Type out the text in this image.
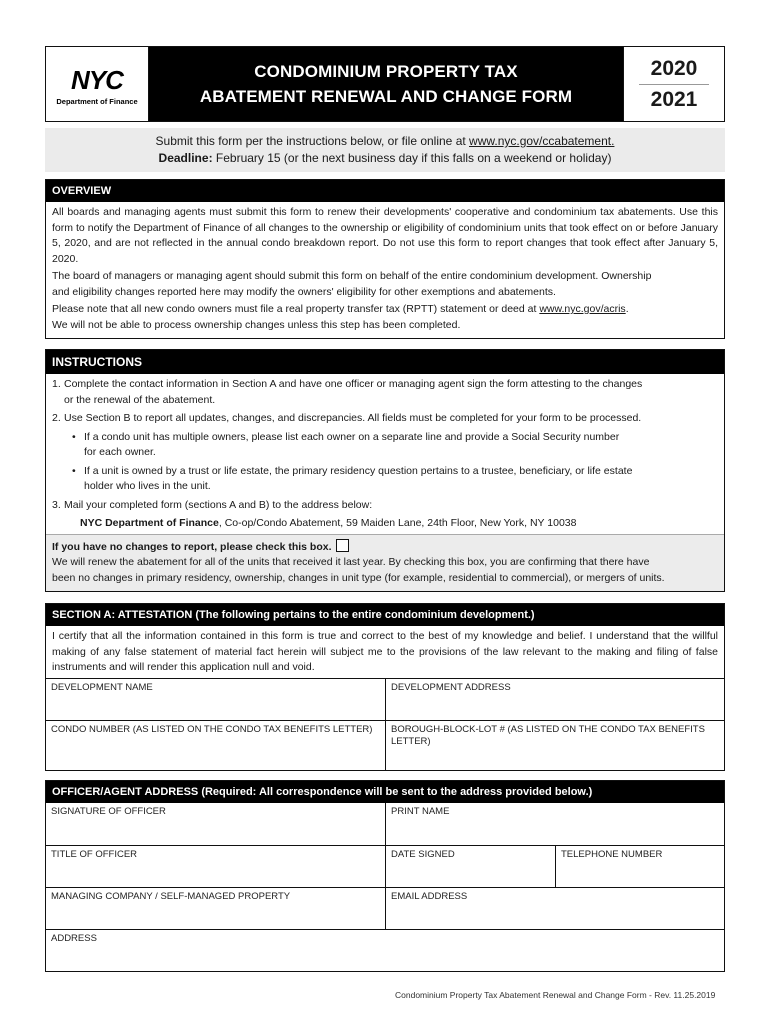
NYC
Department of Finance
CONDOMINIUM PROPERTY TAX
ABATEMENT RENEWAL AND CHANGE FORM
2020
2021
Submit this form per the instructions below, or file online at www.nyc.gov/ccabatement.
Deadline: February 15 (or the next business day if this falls on a weekend or holiday)
OVERVIEW

All boards and managing agents must submit this form to renew their developments' cooperative and condominium tax abatements. Use this form to notify the Department of Finance of all changes to the ownership or eligibility of condominium units that took effect on or before January 5, 2020, and are not reflected in the annual condo breakdown report. Do not use this form to report changes that took effect after January 5, 2020.

The board of managers or managing agent should submit this form on behalf of the entire condominium development. Ownership
and eligibility changes reported here may modify the owners' eligibility for other exemptions and abatements.

Please note that all new condo owners must file a real property transfer tax (RPTT) statement or deed at www.nyc.gov/acris.
We will not be able to process ownership changes unless this step has been completed.

INSTRUCTIONS
1. Complete the contact information in Section A and have one officer or managing agent sign the form attesting to the changes
or the renewal of the abatement.
2. Use Section B to report all updates, changes, and discrepancies. All fields must be completed for your form to be processed.
• If a condo unit has multiple owners, please list each owner on a separate line and provide a Social Security number
for each owner.
• If a unit is owned by a trust or life estate, the primary residency question pertains to a trustee, beneficiary, or life estate
holder who lives in the unit.
3. Mail your completed form (sections A and B) to the address below:
NYC Department of Finance, Co-op/Condo Abatement, 59 Maiden Lane, 24th Floor, New York, NY 10038
If you have no changes to report, please check this box.
We will renew the abatement for all of the units that received it last year. By checking this box, you are confirming that there have
been no changes in primary residency, ownership, changes in unit type (for example, residential to commercial), or mergers of units.
SECTION A: ATTESTATION (The following pertains to the entire condominium development.)
I certify that all the information contained in this form is true and correct to the best of my knowledge and belief. I understand that the willful making of any false statement of material fact herein will subject me to the provisions of the law relevant to the making and filing of false instruments and will render this application null and void.
DEVELOPMENT NAME	DEVELOPMENT ADDRESS
CONDO NUMBER (AS LISTED ON THE CONDO TAX BENEFITS LETTER)	BOROUGH-BLOCK-LOT # (AS LISTED ON THE CONDO TAX BENEFITS LETTER)
OFFICER/AGENT ADDRESS (Required: All correspondence will be sent to the address provided below.)
SIGNATURE OF OFFICER	PRINT NAME
TITLE OF OFFICER	DATE SIGNED	TELEPHONE NUMBER
MANAGING COMPANY / SELF-MANAGED PROPERTY	EMAIL ADDRESS
ADDRESS
Condominium Property Tax Abatement Renewal and Change Form - Rev. 11.25.2019
